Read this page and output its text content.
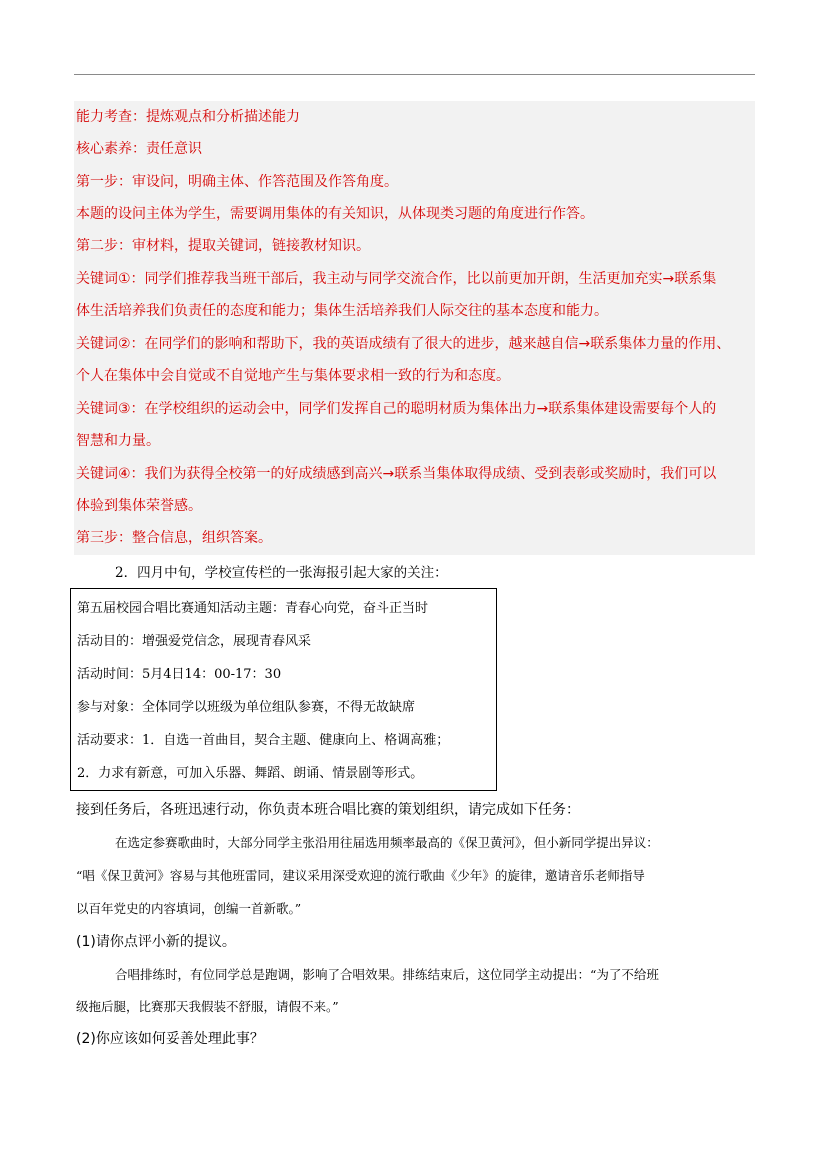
能力考查：提炼观点和分析描述能力
核心素养：责任意识
第一步：审设问，明确主体、作答范围及作答角度。
本题的设问主体为学生，需要调用集体的有关知识，从体现类习题的角度进行作答。
第二步：审材料，提取关键词，链接教材知识。
关键词①：同学们推荐我当班干部后，我主动与同学交流合作，比以前更加开朗，生活更加充实→联系集
体生活培养我们负责任的态度和能力；集体生活培养我们人际交往的基本态度和能力。
关键词②：在同学们的影响和帮助下，我的英语成绩有了很大的进步，越来越自信→联系集体力量的作用、
个人在集体中会自觉或不自觉地产生与集体要求相一致的行为和态度。
关键词③：在学校组织的运动会中，同学们发挥自己的聪明材质为集体出力→联系集体建设需要每个人的
智慧和力量。
关键词④：我们为获得全校第一的好成绩感到高兴→联系当集体取得成绩、受到表彰或奖励时，我们可以
体验到集体荣誉感。
第三步：整合信息，组织答案。
2．四月中旬，学校宣传栏的一张海报引起大家的关注：
第五届校园合唱比赛通知活动主题：青春心向党，奋斗正当时
活动目的：增强爱党信念，展现青春风采
活动时间：5月4日14：00-17：30
参与对象：全体同学以班级为单位组队参赛，不得无故缺席
活动要求：1．自选一首曲目，契合主题、健康向上、格调高雅；
2．力求有新意，可加入乐器、舞蹈、朗诵、情景剧等形式。
接到任务后，各班迅速行动，你负责本班合唱比赛的策划组织，请完成如下任务：
在选定参赛歌曲时，大部分同学主张沿用往届选用频率最高的《保卫黄河》，但小新同学提出异议：
“唱《保卫黄河》容易与其他班雷同，建议采用深受欢迎的流行歌曲《少年》的旋律，邀请音乐老师指导
以百年党史的内容填词，创编一首新歌。”
(1)请你点评小新的提议。
合唱排练时，有位同学总是跑调，影响了合唱效果。排练结束后，这位同学主动提出：“为了不给班
级拖后腿，比赛那天我假装不舒服，请假不来。”
(2)你应该如何妥善处理此事？
